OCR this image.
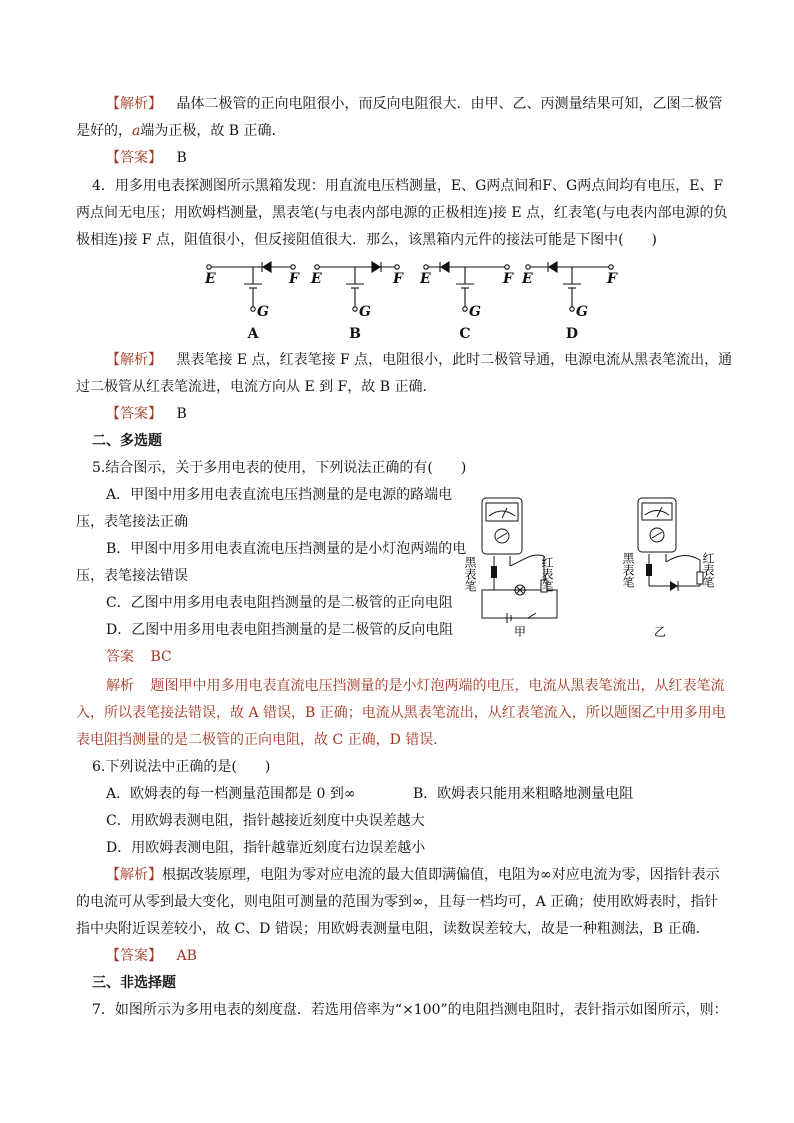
【解析】 晶体二极管的正向电阻很小，而反向电阻很大．由甲、乙、丙测量结果可知，乙图二极管
是好的，a端为正极，故 B 正确．
【答案】 B
4．用多用电表探测图所示黑箱发现：用直流电压档测量，E、G两点间和F、G两点间均有电压，E、F
两点间无电压；用欧姆档测量，黑表笔(与电表内部电源的正极相连)接 E 点，红表笔(与电表内部电源的负
极相连)接 F 点，阻值很小，但反接阻值很大．那么，该黑箱内元件的接法可能是下图中(　　)
E	F
G
E	F
G
E	F
G
E	F
G
A	B	C	D
【解析】 黑表笔接 E 点，红表笔接 F 点，电阻很小，此时二极管导通，电源电流从黑表笔流出，通
过二极管从红表笔流进，电流方向从 E 到 F，故 B 正确．
【答案】 B
二、多选题
5.结合图示，关于多用电表的使用，下列说法正确的有(　　)
A．甲图中用多用电表直流电压挡测量的是电源的路端电
压，表笔接法正确
B．甲图中用多用电表直流电压挡测量的是小灯泡两端的电
压，表笔接法错误
C．乙图中用多用电表电阻挡测量的是二极管的正向电阻
D．乙图中用多用电表电阻挡测量的是二极管的反向电阻
黑表笔	红表笔
甲
黑表笔	红表笔
乙
答案 BC
解析 题图甲中用多用电表直流电压挡测量的是小灯泡两端的电压，电流从黑表笔流出，从红表笔流
入，所以表笔接法错误，故 A 错误，B 正确；电流从黑表笔流出，从红表笔流入，所以题图乙中用多用电
表电阻挡测量的是二极管的正向电阻，故 C 正确，D 错误．
6.下列说法中正确的是(　　)
A．欧姆表的每一档测量范围都是 0 到∞	B．欧姆表只能用来粗略地测量电阻
C．用欧姆表测电阻，指针越接近刻度中央误差越大
D．用欧姆表测电阻，指针越靠近刻度右边误差越小
【解析】根据改装原理，电阻为零对应电流的最大值即满偏值，电阻为∞对应电流为零，因指针表示
的电流可从零到最大变化，则电阻可测量的范围为零到∞，且每一档均可，A 正确；使用欧姆表时，指针
指中央附近误差较小，故 C、D 错误；用欧姆表测量电阻，读数误差较大，故是一种粗测法，B 正确．
【答案】 AB
三、非选择题
7．如图所示为多用电表的刻度盘．若选用倍率为“×100”的电阻挡测电阻时，表针指示如图所示，则：
